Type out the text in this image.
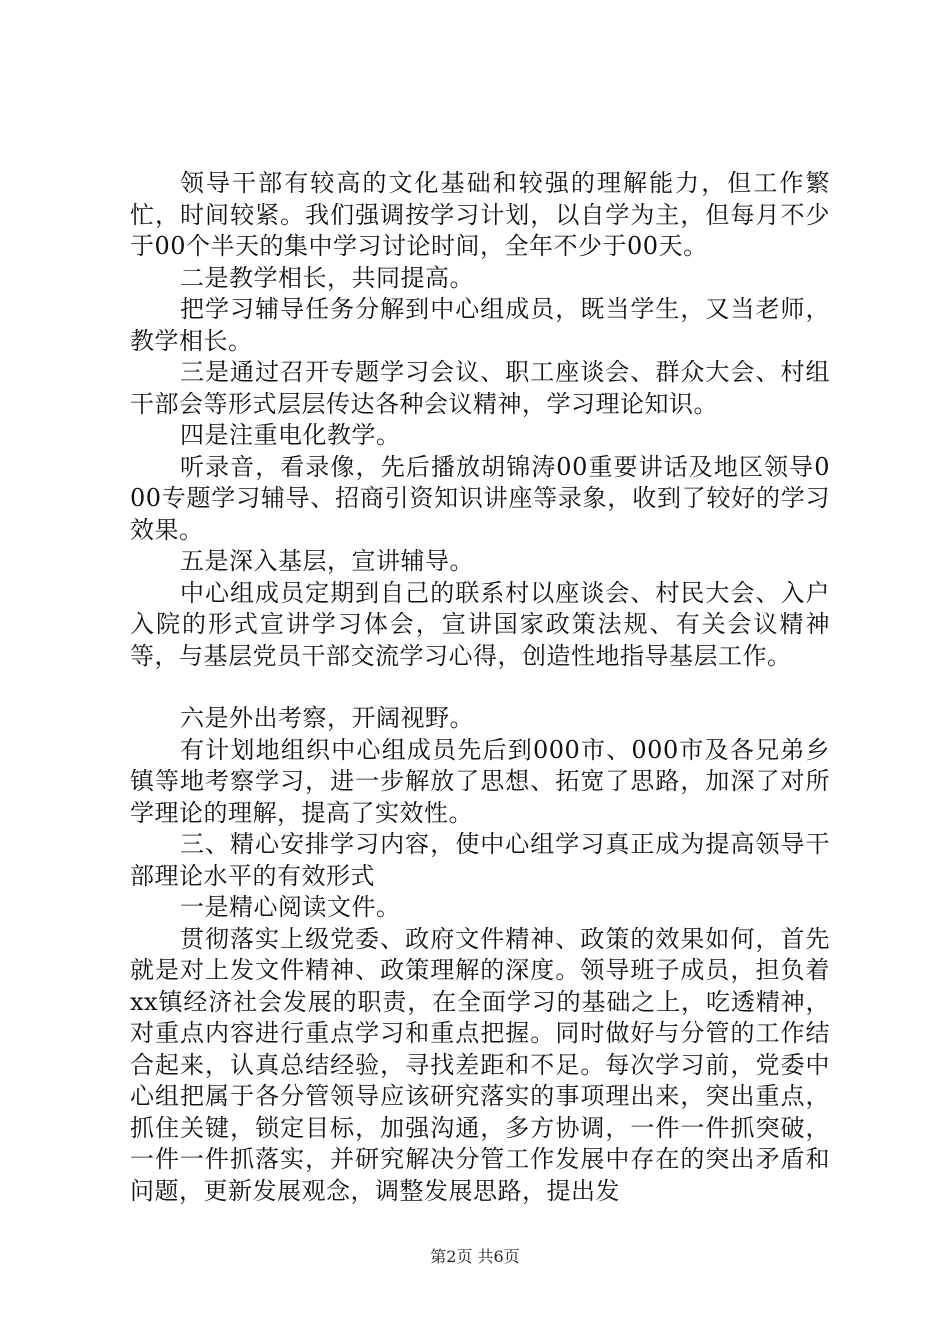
领导干部有较高的文化基础和较强的理解能力，但工作繁忙，时间较紧。我们强调按学习计划，以自学为主，但每月不少于00个半天的集中学习讨论时间，全年不少于00天。

二是教学相长，共同提高。

把学习辅导任务分解到中心组成员，既当学生，又当老师，教学相长。

三是通过召开专题学习会议、职工座谈会、群众大会、村组干部会等形式层层传达各种会议精神，学习理论知识。

四是注重电化教学。

听录音，看录像，先后播放胡锦涛00重要讲话及地区领导000专题学习辅导、招商引资知识讲座等录象，收到了较好的学习效果。

五是深入基层，宣讲辅导。

中心组成员定期到自己的联系村以座谈会、村民大会、入户入院的形式宣讲学习体会，宣讲国家政策法规、有关会议精神等，与基层党员干部交流学习心得，创造性地指导基层工作。

六是外出考察，开阔视野。

有计划地组织中心组成员先后到000市、000市及各兄弟乡镇等地考察学习，进一步解放了思想、拓宽了思路，加深了对所学理论的理解，提高了实效性。

三、精心安排学习内容，使中心组学习真正成为提高领导干部理论水平的有效形式

一是精心阅读文件。

贯彻落实上级党委、政府文件精神、政策的效果如何，首先就是对上发文件精神、政策理解的深度。领导班子成员，担负着xx镇经济社会发展的职责，在全面学习的基础之上，吃透精神，对重点内容进行重点学习和重点把握。同时做好与分管的工作结合起来，认真总结经验，寻找差距和不足。每次学习前，党委中心组把属于各分管领导应该研究落实的事项理出来，突出重点，抓住关键，锁定目标，加强沟通，多方协调，一件一件抓突破，一件一件抓落实，并研究解决分管工作发展中存在的突出矛盾和问题，更新发展观念，调整发展思路，提出发

第2页 共6页
